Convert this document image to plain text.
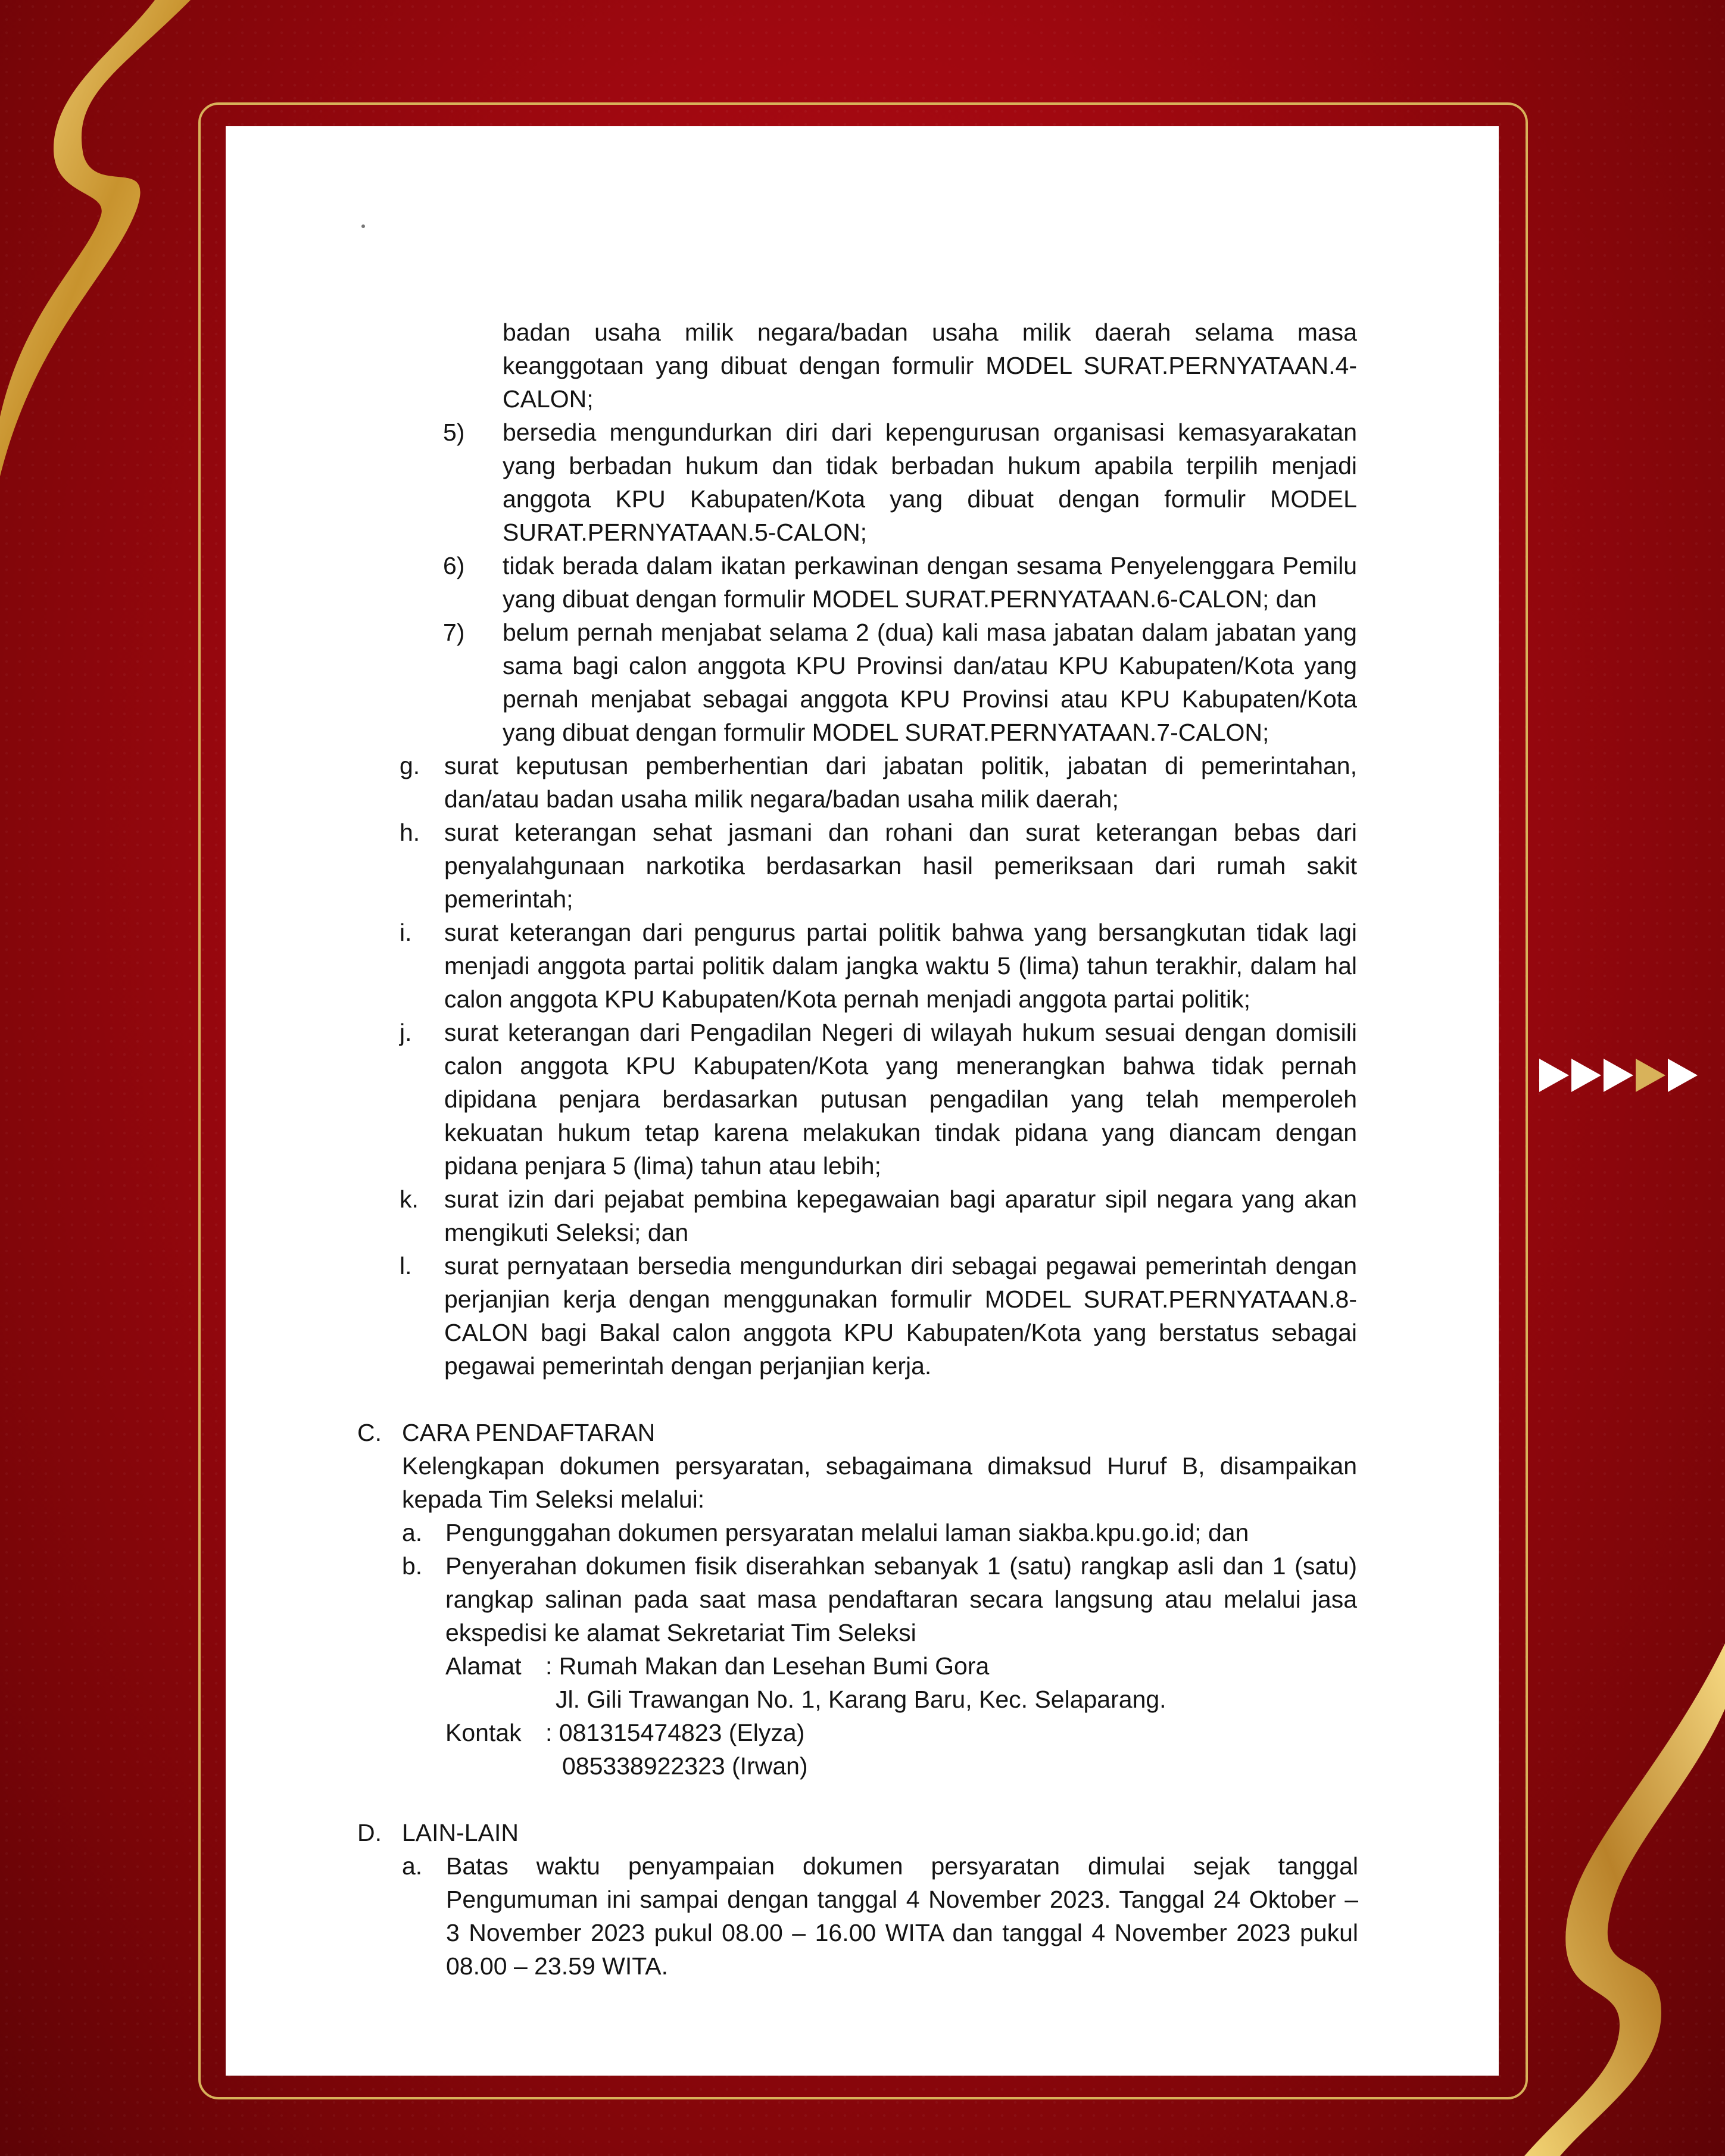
badan usaha milik negara/badan usaha milik daerah selama masa
keanggotaan yang dibuat dengan formulir MODEL SURAT.PERNYATAAN.4-
CALON;
5) bersedia mengundurkan diri dari kepengurusan organisasi kemasyarakatan
yang berbadan hukum dan tidak berbadan hukum apabila terpilih menjadi
anggota KPU Kabupaten/Kota yang dibuat dengan formulir MODEL
SURAT.PERNYATAAN.5-CALON;
6) tidak berada dalam ikatan perkawinan dengan sesama Penyelenggara Pemilu
yang dibuat dengan formulir MODEL SURAT.PERNYATAAN.6-CALON; dan
7) belum pernah menjabat selama 2 (dua) kali masa jabatan dalam jabatan yang
sama bagi calon anggota KPU Provinsi dan/atau KPU Kabupaten/Kota yang
pernah menjabat sebagai anggota KPU Provinsi atau KPU Kabupaten/Kota
yang dibuat dengan formulir MODEL SURAT.PERNYATAAN.7-CALON;
g. surat keputusan pemberhentian dari jabatan politik, jabatan di pemerintahan,
dan/atau badan usaha milik negara/badan usaha milik daerah;
h. surat keterangan sehat jasmani dan rohani dan surat keterangan bebas dari
penyalahgunaan narkotika berdasarkan hasil pemeriksaan dari rumah sakit
pemerintah;
i. surat keterangan dari pengurus partai politik bahwa yang bersangkutan tidak lagi
menjadi anggota partai politik dalam jangka waktu 5 (lima) tahun terakhir, dalam hal
calon anggota KPU Kabupaten/Kota pernah menjadi anggota partai politik;
j. surat keterangan dari Pengadilan Negeri di wilayah hukum sesuai dengan domisili
calon anggota KPU Kabupaten/Kota yang menerangkan bahwa tidak pernah
dipidana penjara berdasarkan putusan pengadilan yang telah memperoleh
kekuatan hukum tetap karena melakukan tindak pidana yang diancam dengan
pidana penjara 5 (lima) tahun atau lebih;
k. surat izin dari pejabat pembina kepegawaian bagi aparatur sipil negara yang akan
mengikuti Seleksi; dan
l. surat pernyataan bersedia mengundurkan diri sebagai pegawai pemerintah dengan
perjanjian kerja dengan menggunakan formulir MODEL SURAT.PERNYATAAN.8-
CALON bagi Bakal calon anggota KPU Kabupaten/Kota yang berstatus sebagai
pegawai pemerintah dengan perjanjian kerja.
C. CARA PENDAFTARAN
Kelengkapan dokumen persyaratan, sebagaimana dimaksud Huruf B, disampaikan
kepada Tim Seleksi melalui:
a. Pengunggahan dokumen persyaratan melalui laman siakba.kpu.go.id; dan
b. Penyerahan dokumen fisik diserahkan sebanyak 1 (satu) rangkap asli dan 1 (satu)
rangkap salinan pada saat masa pendaftaran secara langsung atau melalui jasa
ekspedisi ke alamat Sekretariat Tim Seleksi
Alamat : Rumah Makan dan Lesehan Bumi Gora
Jl. Gili Trawangan No. 1, Karang Baru, Kec. Selaparang.
Kontak : 081315474823 (Elyza)
085338922323 (Irwan)
D. LAIN-LAIN
a. Batas waktu penyampaian dokumen persyaratan dimulai sejak tanggal
Pengumuman ini sampai dengan tanggal 4 November 2023. Tanggal 24 Oktober –
3 November 2023 pukul 08.00 – 16.00 WITA dan tanggal 4 November 2023 pukul
08.00 – 23.59 WITA.
